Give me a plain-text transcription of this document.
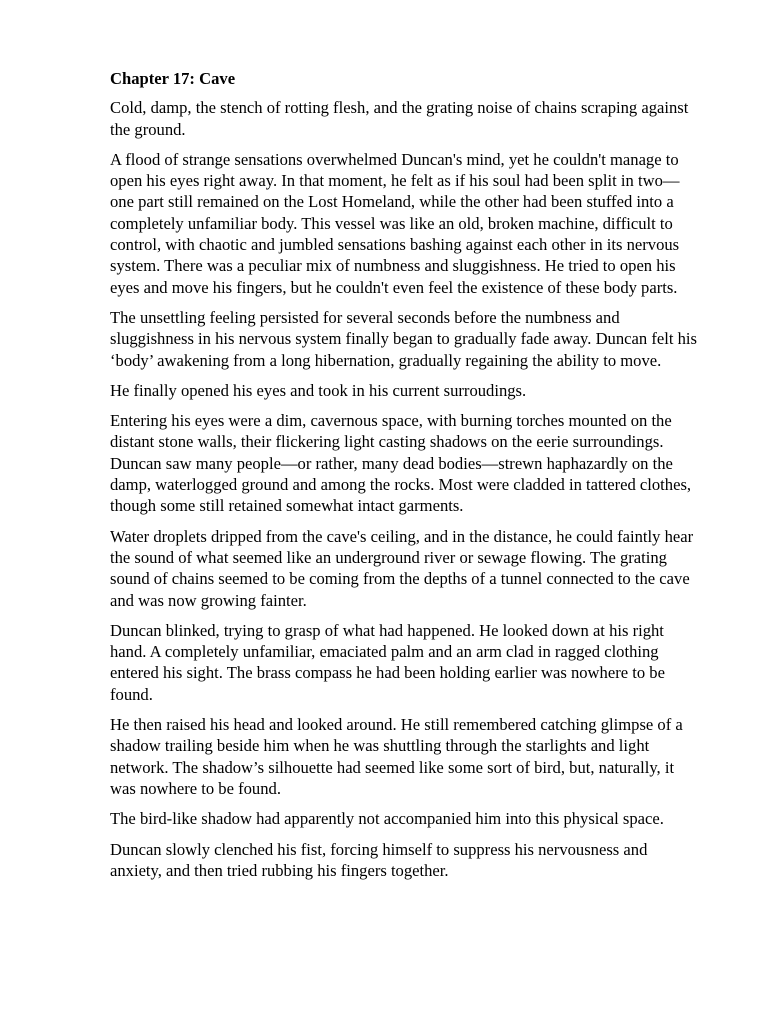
Chapter 17: Cave

Cold, damp, the stench of rotting flesh, and the grating noise of chains scraping against the ground.

A flood of strange sensations overwhelmed Duncan's mind, yet he couldn't manage to open his eyes right away. In that moment, he felt as if his soul had been split in two—one part still remained on the Lost Homeland, while the other had been stuffed into a completely unfamiliar body. This vessel was like an old, broken machine, difficult to control, with chaotic and jumbled sensations bashing against each other in its nervous system. There was a peculiar mix of numbness and sluggishness. He tried to open his eyes and move his fingers, but he couldn't even feel the existence of these body parts.

The unsettling feeling persisted for several seconds before the numbness and sluggishness in his nervous system finally began to gradually fade away. Duncan felt his ‘body’ awakening from a long hibernation, gradually regaining the ability to move.

He finally opened his eyes and took in his current surroudings.

Entering his eyes were a dim, cavernous space, with burning torches mounted on the distant stone walls, their flickering light casting shadows on the eerie surroundings. Duncan saw many people—or rather, many dead bodies—strewn haphazardly on the damp, waterlogged ground and among the rocks. Most were cladded in tattered clothes, though some still retained somewhat intact garments.

Water droplets dripped from the cave's ceiling, and in the distance, he could faintly hear the sound of what seemed like an underground river or sewage flowing. The grating sound of chains seemed to be coming from the depths of a tunnel connected to the cave and was now growing fainter.

Duncan blinked, trying to grasp of what had happened. He looked down at his right hand. A completely unfamiliar, emaciated palm and an arm clad in ragged clothing entered his sight. The brass compass he had been holding earlier was nowhere to be found.

He then raised his head and looked around. He still remembered catching glimpse of a shadow trailing beside him when he was shuttling through the starlights and light network. The shadow’s silhouette had seemed like some sort of bird, but, naturally, it was nowhere to be found.

The bird-like shadow had apparently not accompanied him into this physical space.

Duncan slowly clenched his fist, forcing himself to suppress his nervousness and anxiety, and then tried rubbing his fingers together.
